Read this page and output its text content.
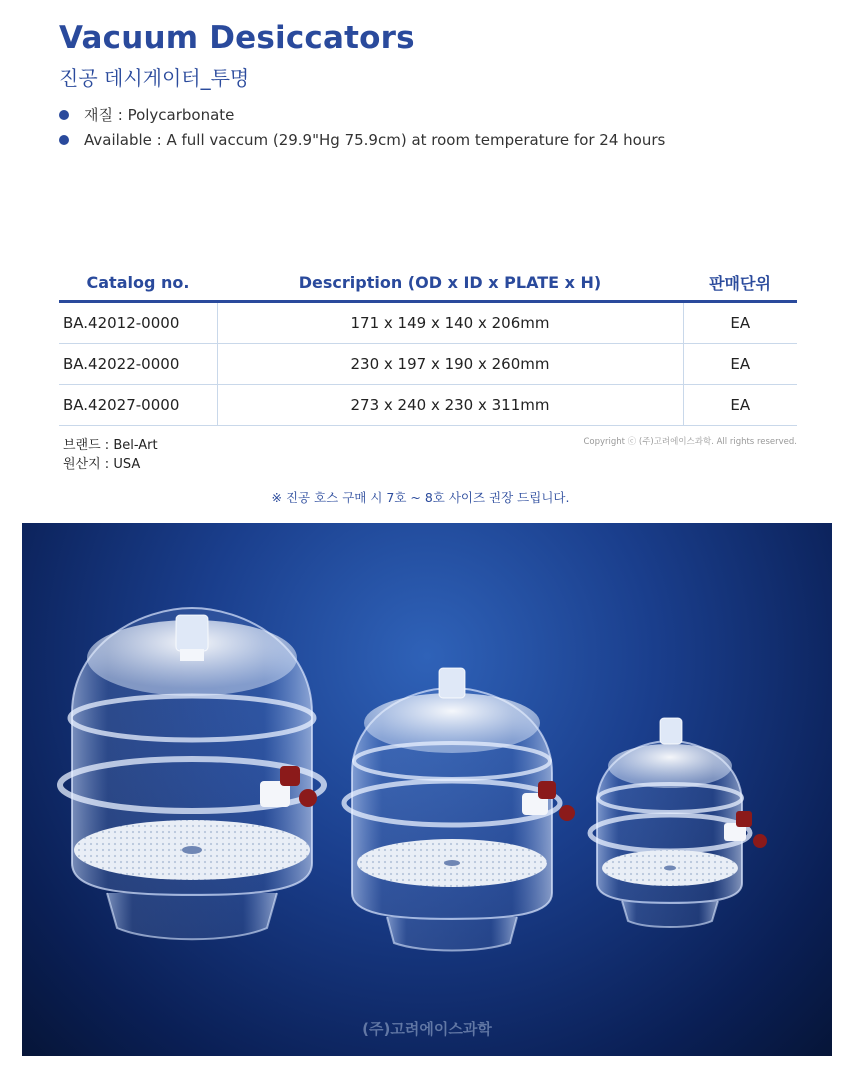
Vacuum Desiccators
진공 데시게이터_투명
재질 : Polycarbonate
Available : A full vaccum (29.9"Hg 75.9cm) at room temperature for 24 hours
Catalog no.	Description (OD x ID x PLATE x H)	판매단위
BA.42012-0000	171 x 149 x 140 x 206mm	EA
BA.42022-0000	230 x 197 x 190 x 260mm	EA
BA.42027-0000	273 x 240 x 230 x 311mm	EA
브랜드 : Bel-Art
원산지 : USA
Copyright ⓒ (주)고려에이스과학. All rights reserved.
※ 진공 호스 구매 시 7호 ~ 8호 사이즈 권장 드립니다.
(주)고려에이스과학
